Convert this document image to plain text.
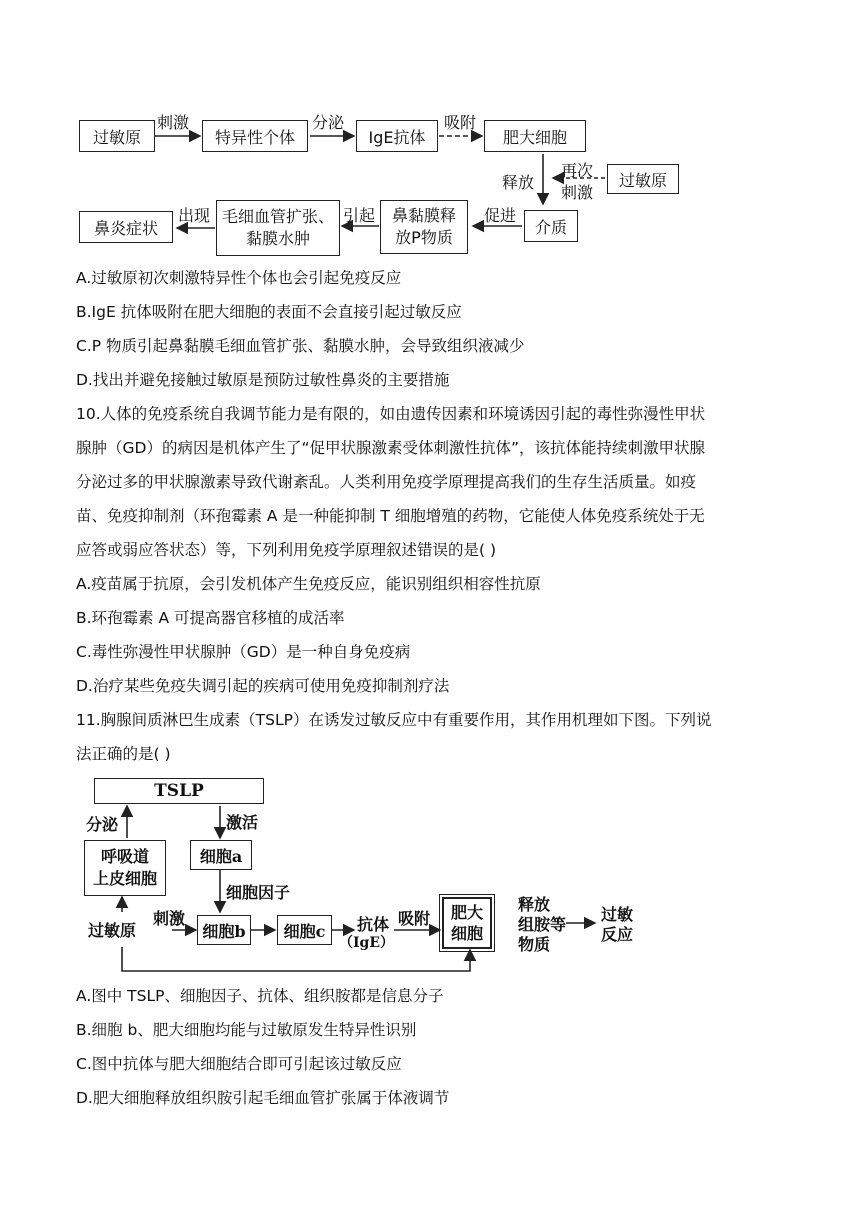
过敏原
刺激
特异性个体
分泌
IgE抗体
吸附
肥大细胞
释放
再次
刺激
过敏原
介质
促进
鼻黏膜释
放P物质
引起
毛细血管扩张、
黏膜水肿
出现
鼻炎症状
A.过敏原初次刺激特异性个体也会引起免疫反应
B.IgE 抗体吸附在肥大细胞的表面不会直接引起过敏反应
C.P 物质引起鼻黏膜毛细血管扩张、黏膜水肿，会导致组织液减少
D.找出并避免接触过敏原是预防过敏性鼻炎的主要措施
10.人体的免疫系统自我调节能力是有限的，如由遗传因素和环境诱因引起的毒性弥漫性甲状
腺肿（GD）的病因是机体产生了“促甲状腺激素受体刺激性抗体”，该抗体能持续刺激甲状腺
分泌过多的甲状腺激素导致代谢紊乱。人类利用免疫学原理提高我们的生存生活质量。如疫
苗、免疫抑制剂（环孢霉素 A 是一种能抑制 T 细胞增殖的药物，它能使人体免疫系统处于无
应答或弱应答状态）等，下列利用免疫学原理叙述错误的是( )
A.疫苗属于抗原，会引发机体产生免疫反应，能识别组织相容性抗原
B.环孢霉素 A 可提高器官移植的成活率
C.毒性弥漫性甲状腺肿（GD）是一种自身免疫病
D.治疗某些免疫失调引起的疾病可使用免疫抑制剂疗法
11.胸腺间质淋巴生成素（TSLP）在诱发过敏反应中有重要作用，其作用机理如下图。下列说
法正确的是( )
TSLP
分泌	激活
呼吸道
上皮细胞
细胞a
细胞因子
过敏原
刺激
细胞b 细胞c 抗体
（IgE）
吸附 肥大
细胞
释放
组胺等
物质
过敏
反应
A.图中 TSLP、细胞因子、抗体、组织胺都是信息分子
B.细胞 b、肥大细胞均能与过敏原发生特异性识别
C.图中抗体与肥大细胞结合即可引起该过敏反应
D.肥大细胞释放组织胺引起毛细血管扩张属于体液调节
